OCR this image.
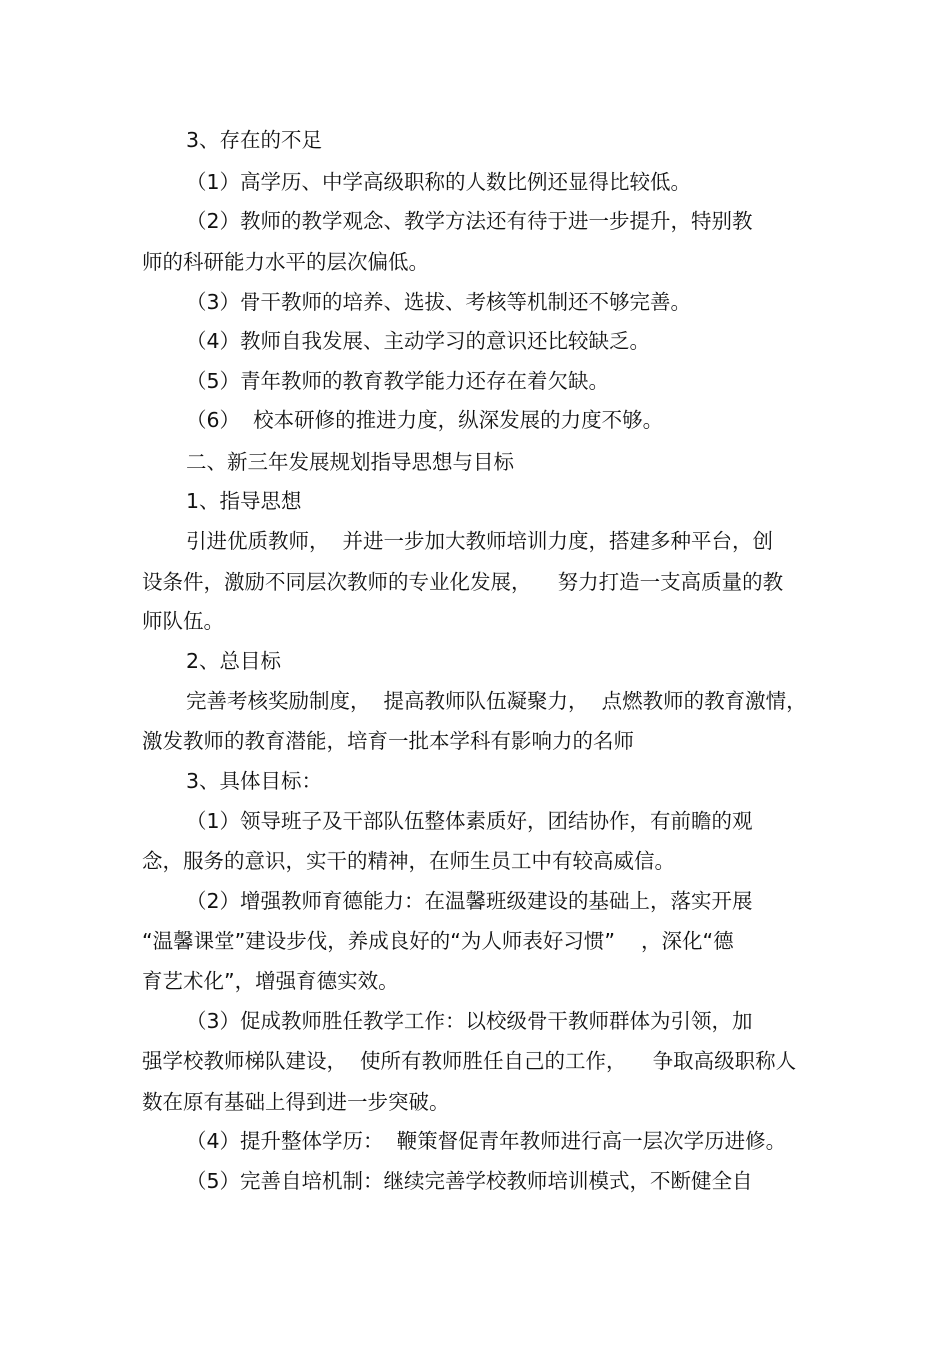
3、存在的不足
（1）高学历、中学高级职称的人数比例还显得比较低。
（2）教师的教学观念、教学方法还有待于进一步提升，特别教
师的科研能力水平的层次偏低。
（3）骨干教师的培养、选拔、考核等机制还不够完善。
（4）教师自我发展、主动学习的意识还比较缺乏。
（5）青年教师的教育教学能力还存在着欠缺。
（6）  校本研修的推进力度，纵深发展的力度不够。
二、新三年发展规划指导思想与目标
1、指导思想
引进优质教师，  并进一步加大教师培训力度，搭建多种平台，创
设条件，激励不同层次教师的专业化发展，    努力打造一支高质量的教
师队伍。
2、总目标
完善考核奖励制度，  提高教师队伍凝聚力，  点燃教师的教育激情，
激发教师的教育潜能，培育一批本学科有影响力的名师
3、具体目标：
（1）领导班子及干部队伍整体素质好，团结协作，有前瞻的观
念，服务的意识，实干的精神，在师生员工中有较高威信。
（2）增强教师育德能力：在温馨班级建设的基础上，落实开展
“温馨课堂”建设步伐，养成良好的“为人师表好习惯”    ，深化“德
育艺术化”，增强育德实效。
（3）促成教师胜任教学工作：以校级骨干教师群体为引领，加
强学校教师梯队建设，  使所有教师胜任自己的工作，    争取高级职称人
数在原有基础上得到进一步突破。
（4）提升整体学历：  鞭策督促青年教师进行高一层次学历进修。
（5）完善自培机制：继续完善学校教师培训模式，不断健全自
